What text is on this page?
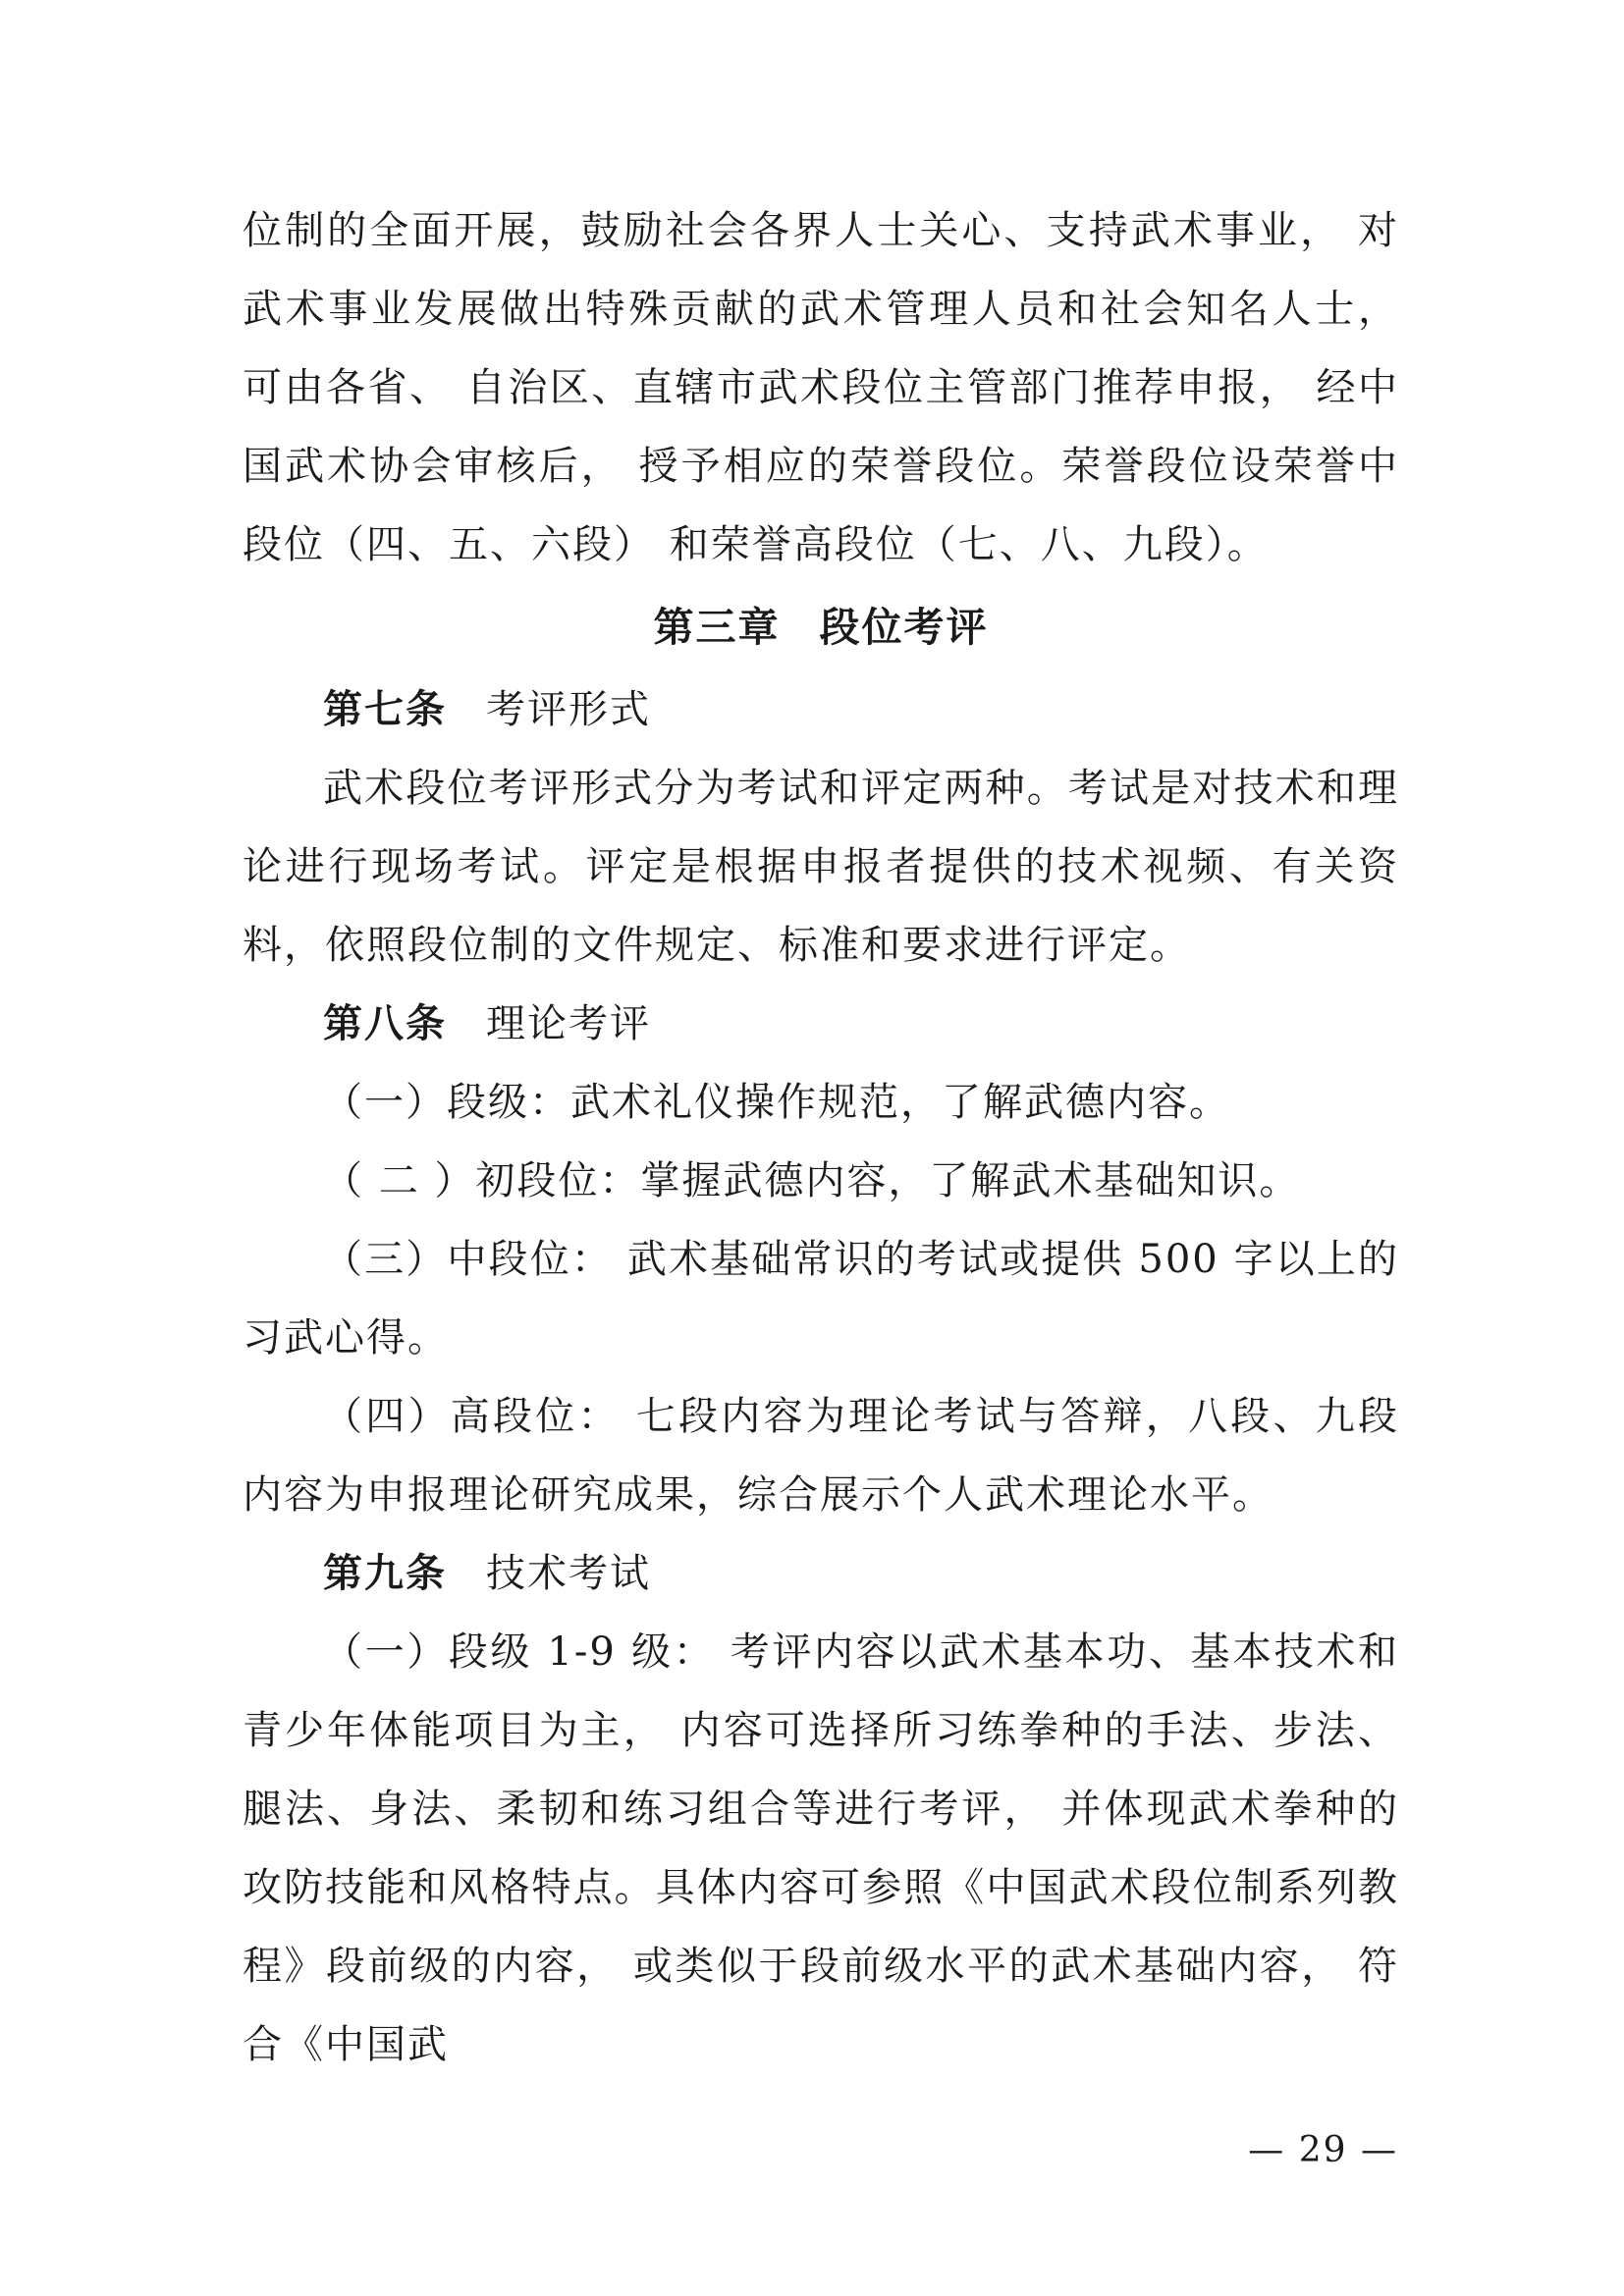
位制的全面开展，鼓励社会各界人士关心、支持武术事业， 对武术事业发展做出特殊贡献的武术管理人员和社会知名人士， 可由各省、 自治区、直辖市武术段位主管部门推荐申报， 经中国武术协会审核后， 授予相应的荣誉段位。荣誉段位设荣誉中段位（四、五、六段） 和荣誉高段位（七、八、九段）。

第三章 段位考评

第七条 考评形式

武术段位考评形式分为考试和评定两种。考试是对技术和理论进行现场考试。评定是根据申报者提供的技术视频、有关资料，依照段位制的文件规定、标准和要求进行评定。

第八条 理论考评

（一）段级：武术礼仪操作规范，了解武德内容。

（ 二 ）初段位：掌握武德内容，了解武术基础知识。

（三）中段位： 武术基础常识的考试或提供 500 字以上的习武心得。

（四）高段位： 七段内容为理论考试与答辩，八段、九段内容为申报理论研究成果，综合展示个人武术理论水平。

第九条 技术考试

（一）段级 1-9 级： 考评内容以武术基本功、基本技术和青少年体能项目为主， 内容可选择所习练拳种的手法、步法、腿法、身法、柔韧和练习组合等进行考评， 并体现武术拳种的攻防技能和风格特点。具体内容可参照《中国武术段位制系列教程》段前级的内容， 或类似于段前级水平的武术基础内容， 符合《中国武

— 29 —
